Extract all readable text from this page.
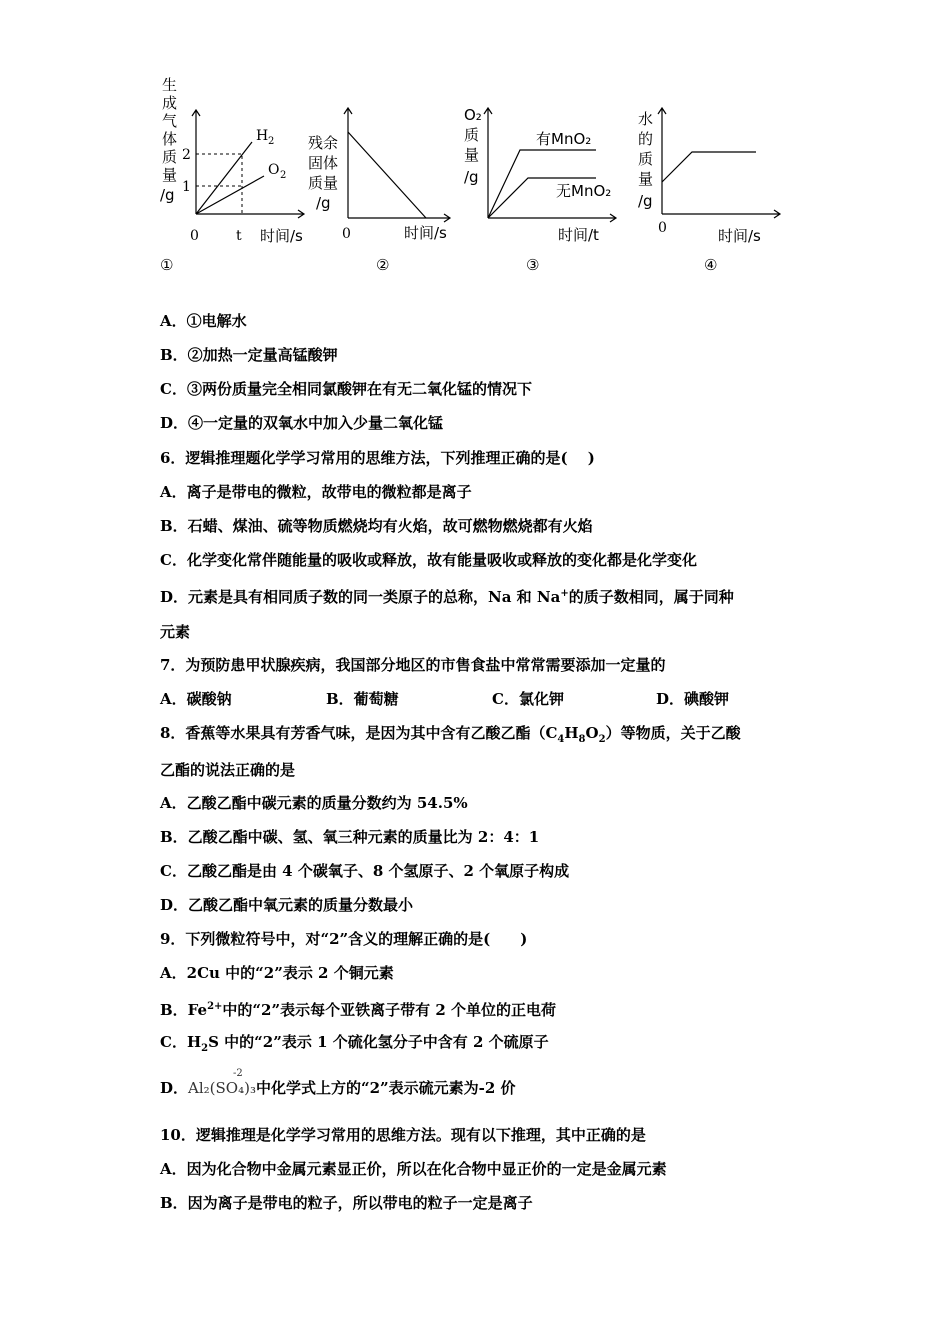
生
成
气
体
质
量
/g
2
1
0	t 时间/s
H 2
O 2
①
残余
固体
质量
/g
0	时间/s
②
O₂
质
量
/g
有MnO₂
无MnO₂
时间/t
③
水
的
质
量
/g
0	时间/s
④
A．①电解水
B．②加热一定量高锰酸钾
C．③两份质量完全相同氯酸钾在有无二氧化锰的情况下
D．④一定量的双氧水中加入少量二氧化锰
6．逻辑推理题化学学习常用的思维方法，下列推理正确的是(　 )
A．离子是带电的微粒，故带电的微粒都是离子
B．石蜡、煤油、硫等物质燃烧均有火焰，故可燃物燃烧都有火焰
C．化学变化常伴随能量的吸收或释放，故有能量吸收或释放的变化都是化学变化
D．元素是具有相同质子数的同一类原子的总称，Na 和 Na+的质子数相同，属于同种
元素
7．为预防患甲状腺疾病，我国部分地区的市售食盐中常常需要添加一定量的
A．碳酸钠	B．葡萄糖	C．氯化钾	D．碘酸钾
8．香蕉等水果具有芳香气味，是因为其中含有乙酸乙酯$(C_4H_8O_2)$等物质，关于乙酸
乙酯的说法正确的是
A．乙酸乙酯中碳元素的质量分数约为 54.5%
B．乙酸乙酯中碳、氢、氧三种元素的质量比为 2：4：1
C．乙酸乙酯是由 4 个碳氧子、8 个氢原子、2 个氧原子构成
D．乙酸乙酯中氧元素的质量分数最小
9．下列微粒符号中，对“2”含义的理解正确的是(　　)
A．2Cu 中的“2”表示 2 个铜元素
B．$Fe^{2+}$中的“2”表示每个亚铁离子带有 2 个单位的正电荷
C．$H_2S$ 中的“2”表示 1 个硫化氢分子中含有 2 个硫原子
D．
-2
Al₂(SO₄)₃中化学式上方的“2”表示硫元素为-2 价
10．逻辑推理是化学学习常用的思维方法。现有以下推理，其中正确的是
A．因为化合物中金属元素显正价，所以在化合物中显正价的一定是金属元素
B．因为离子是带电的粒子，所以带电的粒子一定是离子
